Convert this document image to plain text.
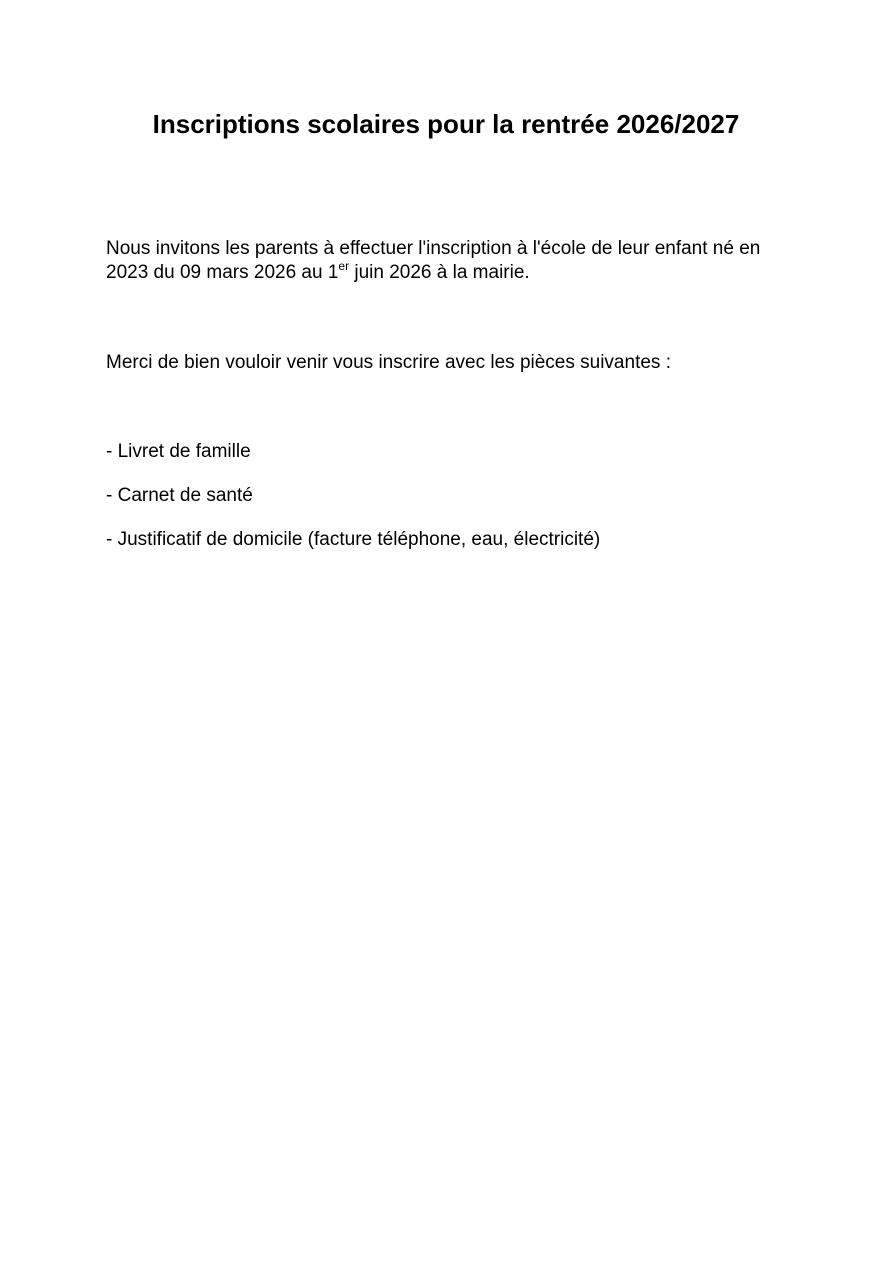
Inscriptions scolaires pour la rentrée 2026/2027

Nous invitons les parents à effectuer l'inscription à l'école de leur enfant né en 2023 du 09 mars 2026 au 1er juin 2026 à la mairie.

Merci de bien vouloir venir vous inscrire avec les pièces suivantes :

- Livret de famille
- Carnet de santé
- Justificatif de domicile (facture téléphone, eau, électricité)
